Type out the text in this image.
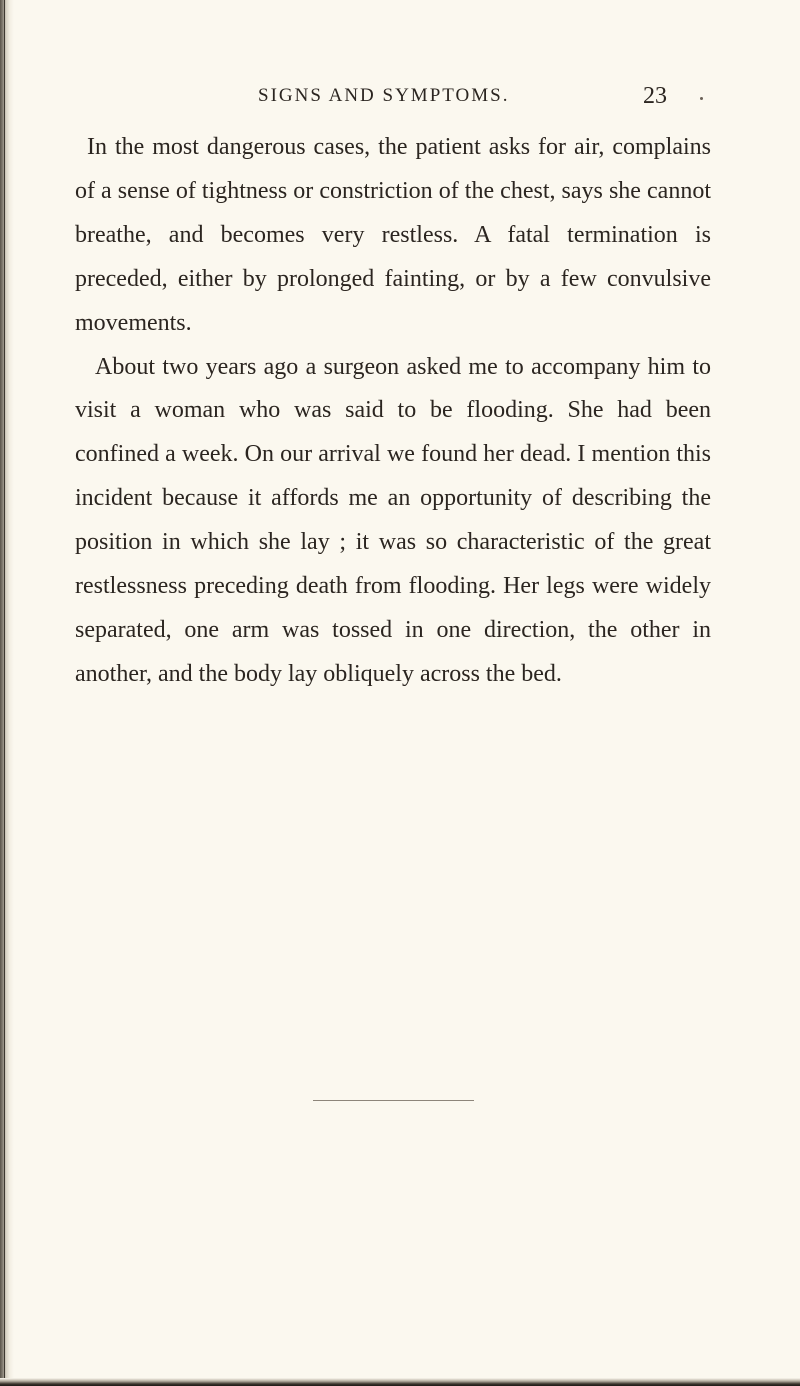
SIGNS AND SYMPTOMS.	23

In the most dangerous cases, the patient asks for air, complains of a sense of tightness or constriction of the chest, says she cannot breathe, and becomes very restless. A fatal termination is preceded, either by prolonged fainting, or by a few convulsive movements.

About two years ago a surgeon asked me to accompany him to visit a woman who was said to be flooding. She had been confined a week. On our arrival we found her dead. I mention this incident because it affords me an opportunity of describing the position in which she lay ; it was so characteristic of the great restlessness preceding death from flooding. Her legs were widely separated, one arm was tossed in one direction, the other in another, and the body lay obliquely across the bed.
